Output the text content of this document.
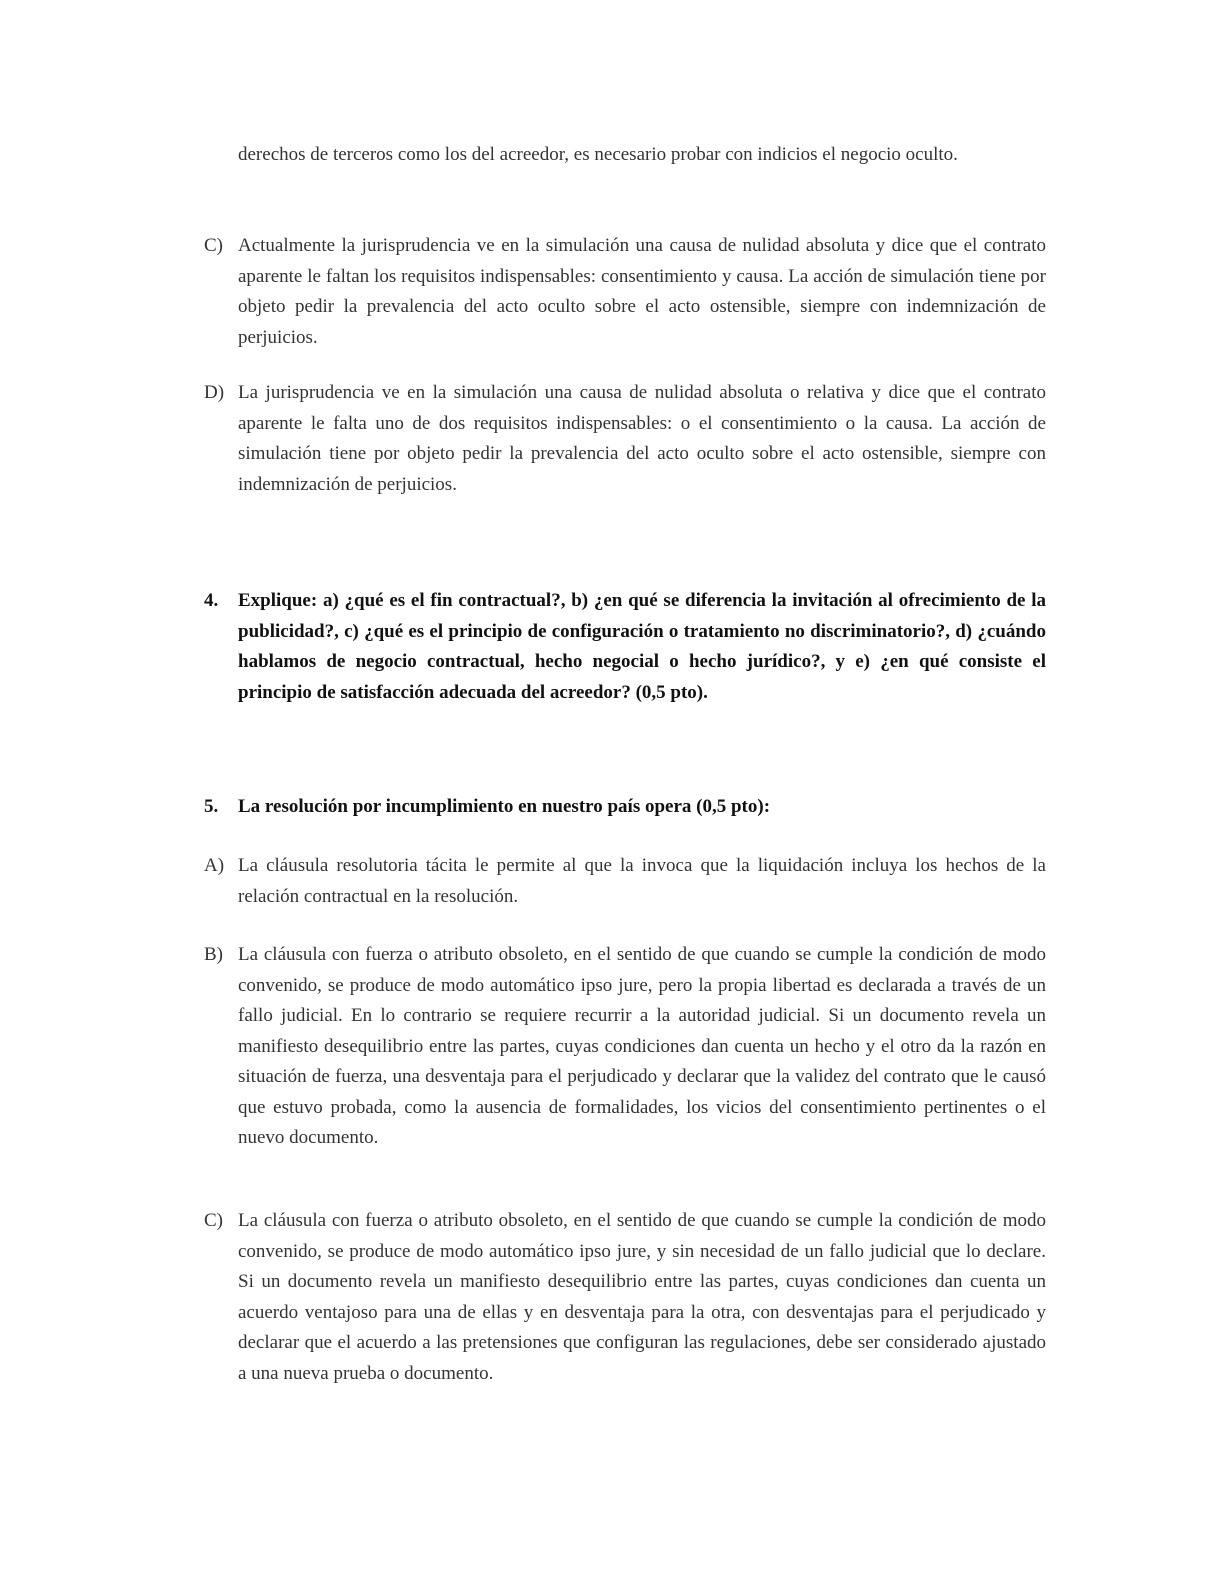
derechos de terceros como los del acreedor, es necesario probar con indicios el negocio oculto.
C) Actualmente la jurisprudencia ve en la simulación una causa de nulidad absoluta y dice que el contrato aparente le faltan los requisitos indispensables: consentimiento y causa. La acción de simulación tiene por objeto pedir la prevalencia del acto oculto sobre el acto ostensible, siempre con indemnización de perjuicios.
D) La jurisprudencia ve en la simulación una causa de nulidad absoluta o relativa y dice que el contrato aparente le falta uno de dos requisitos indispensables: o el consentimiento o la causa. La acción de simulación tiene por objeto pedir la prevalencia del acto oculto sobre el acto ostensible, siempre con indemnización de perjuicios.
4.	Explique: a) ¿qué es el fin contractual?, b) ¿en qué se diferencia la invitación al ofrecimiento de la publicidad?, c) ¿qué es el principio de configuración o tratamiento no discriminatorio?, d) ¿cuándo hablamos de negocio contractual, hecho negocial o hecho jurídico?, y e) ¿en qué consiste el principio de satisfacción adecuada del acreedor? (0,5 pto).
5.	La resolución por incumplimiento en nuestro país opera (0,5 pto):
A) La cláusula resolutoria tácita le permite al que la invoca que la liquidación incluya los hechos de la relación contractual en la resolución.
B) La cláusula con fuerza o atributo obsoleto, en el sentido de que cuando se cumple la condición de modo convenido, se produce de modo automático ipso jure, pero la propia libertad es declarada a través de un fallo judicial. En lo contrario se requiere recurrir a la autoridad judicial. Si un documento revela un manifiesto desequilibrio entre las partes, cuyas condiciones dan cuenta un hecho y el otro da la razón en situación de fuerza, una desventaja para el perjudicado y declarar que la validez del contrato que le causó que estuvo probada, como la ausencia de formalidades, los vicios del consentimiento pertinentes o el nuevo documento.
C) La cláusula con fuerza o atributo obsoleto, en el sentido de que cuando se cumple la condición de modo convenido, se produce de modo automático ipso jure, y sin necesidad de un fallo judicial que lo declare. Si un documento revela un manifiesto desequilibrio entre las partes, cuyas condiciones dan cuenta un acuerdo ventajoso para una de ellas y en desventaja para la otra, con desventajas para el perjudicado y declarar que el acuerdo a las pretensiones que configuran las regulaciones, debe ser considerado ajustado a una nueva prueba o documento.
